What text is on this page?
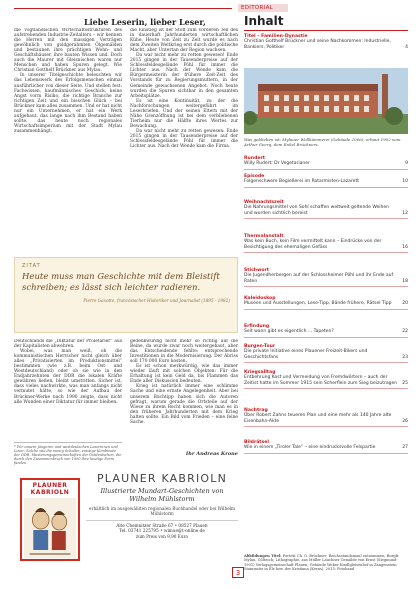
EDITORIAL
Liebe Leserin, lieber Leser,

die vogtländischen Wirtschaftsstrukturen des aufstrebenden Industrie-Zeitalters – wir kennen die Herren mit den massigen Verträgen gewöhnlich von goldgerahmten Ölgemälden und bestaunen ihre prächtigen Wohn- und Geschäftshäuser, ihre bauten Wissen und. Doch auch die Maurer mit Gleisnischen waren nur Menschen und haben Spuren gelegt. Wie Christian Gotthelf Brückner aus Mylau.

In unserer Titelgeschichte beleuchten wir das Lebenswerk des Erfolgsmenschen einmal ausführlicher von dieser Seite. Und stellen fest: Fachwissen, kaufmännisches Geschick, keine Angst vorm Risiko, die richtige Branche zur richtigen Zeit und ein bisschen Glück – bei Brückner kam alles zusammen. Und er hat nicht nur ein Unternehmen, er hat ein Werk aufgebaut, das lange nach ihm Bestand haben sollte, das heute noch regionales Wirtschaftsimperium mit der Stadt Mylau zusammenhängt.

die Einstieg ist der Stoff zum Vorderen Teil des in dauerhaft Jahrhunderten wirtschaftlichen Kühe. Heute von Zeit zu Zeit wurde es nach dem Zweiten Weltkrieg erst durch die politische Macht, aber Untertan der Region wachsen.

Da war nicht mehr zu retten gewesen! Ende 2015 gingen in der Tausenderpreise auf der Schlossfeldesgelände Pöhl für immer die Lichter aus. Nach der Wende kam die Bürgermeisterin der frühere Zeit-Zeit des Vorstands für zu Regierungsmuttern, in der Gemeinde gewachsenen Angebot. Noch heute wurden die Spuren sichtbar in den gesamten Arbeitsplätze.

Es ist eine Kontinuität, zu der die Nachforschungen weitergeführt im Leserbriefen. Und der seinen Eltern mit der Nähe Grenzöffnung ist bei dem verbliebenen Tierheim nur die Hälfte ihres Wertes zur Bewachung.

Da war nicht mehr zu retten gewesen: Ende 2015 gingen in der Tausenderpreise auf der Schlossfeldesgelände Pöhl für immer die Lichter aus. Nach der Wende kam die Firma.

ZITAT
Heute muss man Geschichte mit dem Bleistift schreiben; es lässt sich leichter radieren.
Pierre Gaxotte, französischer Historiker und Journalist (1895 - 1982)

Deutschlands die „Diktatur der Proletarier“ aus der Kapitalisten abwehren.

Wobei, was man weiß, ob die kommunistischen Herrscher nicht gleich über alles „Privatisierten im Produktionsmittel“ bestimmten (wie z.B. beim Ost- und Westdeutschland) oder ob sie wie in den Endjahrzehnten der DDR die lokalen Kräfte gewähren ließen, bleibt umstritten. Sicher ist, dass vieles nachwirkte, was man anfangs nicht vermutet hätte, so wie der Aufbau der Brückner-Werke nach 1990 zeigte, dass nicht alle Wunden einer Diktatur für immer bleiben.

gedenkwürdig nicht mehr so richtig auf die Beine, da wurde zwar noch weitergebaut, aber das Entscheidende fehlte: entsprechende Investitionen in die Modernisierung. Der Abriss soll 170 000 Euro kosten.

Es ist schon merkwürdig, wie das immer wieder läuft mit solchen Objekten: Für die Erhaltung ist kein Geld da, bis Flammen das Ende aller Diskussion bedeuten.

Krieg ist natürlich immer eine schlimme Sache und eine ernste Angelegenheit. Aber bei unserem Buchtipp haben sich die Autoren gefragt, warum gerade die Ortsteile auf der Wiese zu ihrem Recht kommen, wie man es in den früheren Jahrhunderten mit dem Krieg halten sollte. Ein Bild vom Frieden – eine feine Sache.

* Für unsere jüngeren und westdeutschen Leserinnen und Leser: Solche wie die wenig Schalter, einstige Kombinate der DDR, Musterungsgemeinschaften der Ostdeutschen, die durch den Zusammenbruch von 1990 ihre heutige Form fanden.
Ihr Andreas Krone
PLAUNER KABRIOLN
PLAUNER KABRIOLN
Illustrierte Mundart-Geschichten von Wilhelm Mühlstorm
erhältlich im ausgewählten regionalen Buchhandel oder bei Wilhelm Mühlstorm
Alte Chemnitzer Straße 67 • 08527 Plauen
Tel. 03741 225795 • wimue@t-online.de
zum Preis von 9,90 Euro
3
Inhalt
Titel – Familien-Dynastie
Christian Gotthelf Brückner und seine Nachkommen: Industrielle, Bankiers, Politiker	4
Was geblieben ist: Mylauer Wollkämmerei (Gebäude 2006), erbaut 1902 vom Arthur Georg, dem Enkel Brückners.
Rundert
Willy Rudert: Dr Vegetarianer	9
Episode
Folgenschwere Begießerei im Rotarmisten-Lazarett	10
Weihnachtszeit
Die Nahrungsmittel von Sohl schaffen weltweit geltende Weihen und wurden sichtlich bereist	12
Thermalanstalt
Was kein Buch, kein Film vermittelt kann – Eindrücke von der Besichtigung des ehemaligen Gefäss	16
Stichwort
Die Jugendherbergen auf der Schlossheimer Pöhl und ihr Ende auf Raten	18
Kaleidoskop
Museen und Ausstellungen, Lese-Tipp, Bände frühere, Rätsel Tipp 20
Erfindung
Seit wann gibt es eigentlich ... Tapeten?	22
Burgen-Tour
Die private Initiative eines Plauener Freizeit-Bikers und Geschichtsfans	23
Kriegsalltag
Entbehrung Kost und Vermeidung von Fremdwörtern – auch der Zeitist hatte im Sommer 1915 sein Scherflein zum Sieg beizutragen 25
Nachtrag
Über Robert Zahns teueren Plan und eine mehr als 140 Jahre alte Eisenbahn-Akte	26
Bildrätsel
Wie in einem „Tiroler Tale“ – eine eindrucksvolle Felspartie	27
Abbildungen Titel: Porträt Ch. G. Brückner; Reichsstandsmaul entnommen; Burgfr Mylau, Göltzsch; Lithographie, aus Müller Lauchner Gemälde von Ernst (Siegmund-1901) Verlagsgemeinschaft Plauen; Gebäude Weber Kindlgleisenhof in Zangenstein Stammsitz in Elz bzw. der Kristiana (Kerns), 2015: Fotoband
